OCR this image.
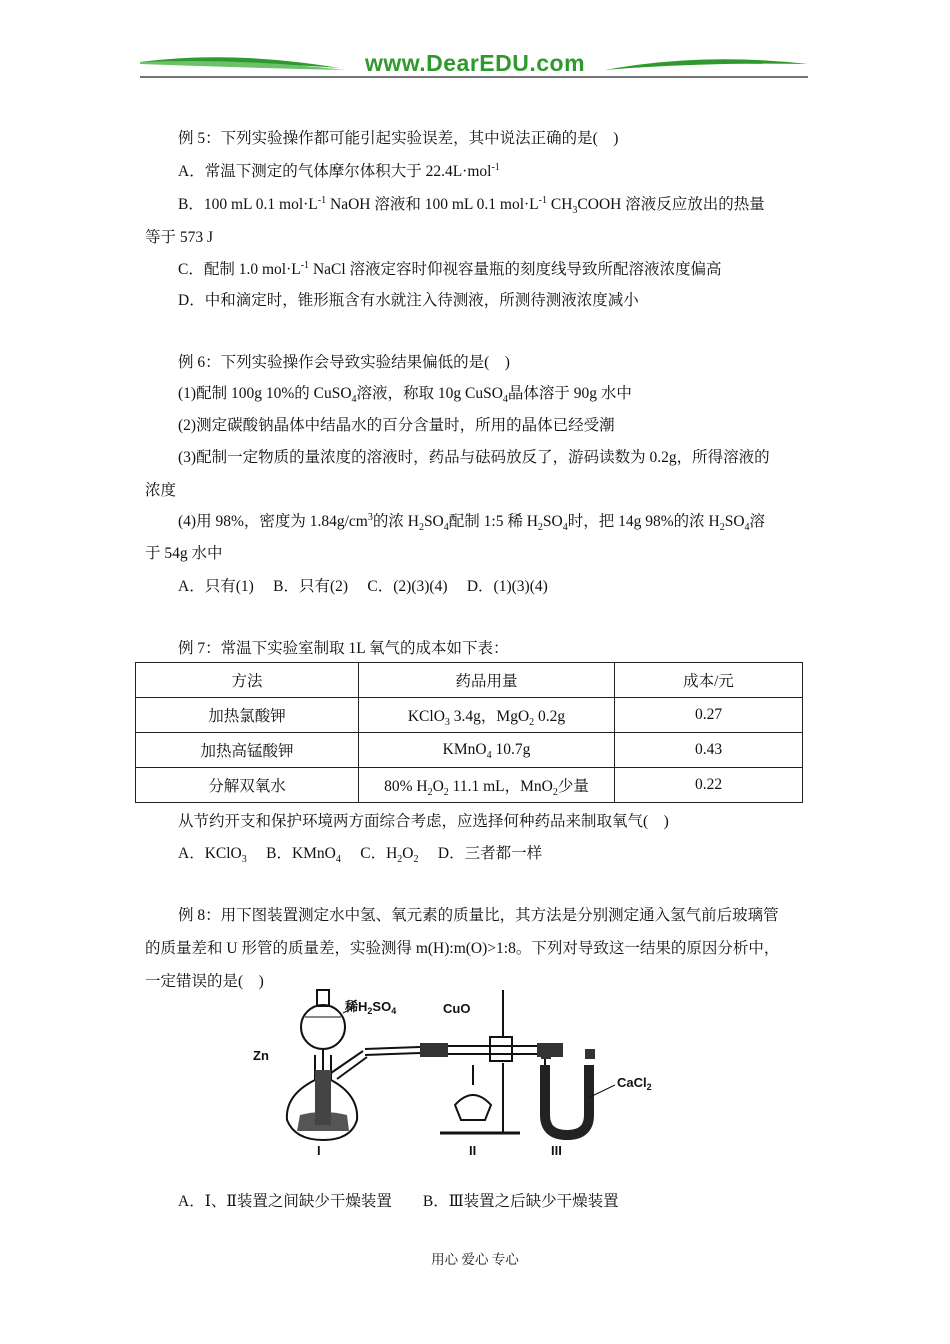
www.DearEDU.com
例 5：下列实验操作都可能引起实验误差，其中说法正确的是(　)
A．常温下测定的气体摩尔体积大于 22.4L·mol$^{-1}$
B．100 mL 0.1 $mol\cdot L^{-1}$ NaOH 溶液和 100 mL 0.1 $mol\cdot L^{-1}$ $CH_3COOH$ 溶液反应放出的热量
等于 573 J
C．配制 1.0 $mol\cdot L^{-1}$ NaCl 溶液定容时仰视容量瓶的刻度线导致所配溶液浓度偏高
D．中和滴定时，锥形瓶含有水就注入待测液，所测待测液浓度减小
例 6：下列实验操作会导致实验结果偏低的是(　)
(1)配制 100g 10%的 CuSO$_4$溶液，称取 10g CuSO$_4$晶体溶于 90g 水中
(2)测定碳酸钠晶体中结晶水的百分含量时，所用的晶体已经受潮
(3)配制一定物质的量浓度的溶液时，药品与砝码放反了，游码读数为 0.2g，所得溶液的
浓度
(4)用 98%，密度为 $1.84g/cm^3$的浓 $H_2SO_4$配制 1:5 稀 $H_2SO_4$时，把 14g 98%的浓 $H_2SO_4$溶
于 54g 水中
A．只有(1)　 B．只有(2)　 C．(2)(3)(4)　 D．(1)(3)(4)
例 7：常温下实验室制取 1L 氧气的成本如下表：
方法	药品用量	成本/元
加热氯酸钾	KClO$_3$ 3.4g，MgO$_2$ 0.2g	0.27
加热高锰酸钾	KMnO$_4$ 10.7g	0.43
分解双氧水	80% $H_2O_2$ 11.1 mL，MnO$_2$少量	0.22
从节约开支和保护环境两方面综合考虑，应选择何种药品来制取氧气(　)
A．KClO$_3$　 B．KMnO$_4$　 C．$H_2O_2$　 D．三者都一样
例 8：用下图装置测定水中氢、氧元素的质量比，其方法是分别测定通入氢气前后玻璃管
的质量差和 U 形管的质量差，实验测得 m(H):m(O)>1:8。下列对导致这一结果的原因分析中，
一定错误的是(　)
稀$H_2SO_4$	CuO
Zn
CaCl$_2$
I	II	III
A．Ⅰ、Ⅱ装置之间缺少干燥装置　　B．Ⅲ装置之后缺少干燥装置
用心 爱心 专心
